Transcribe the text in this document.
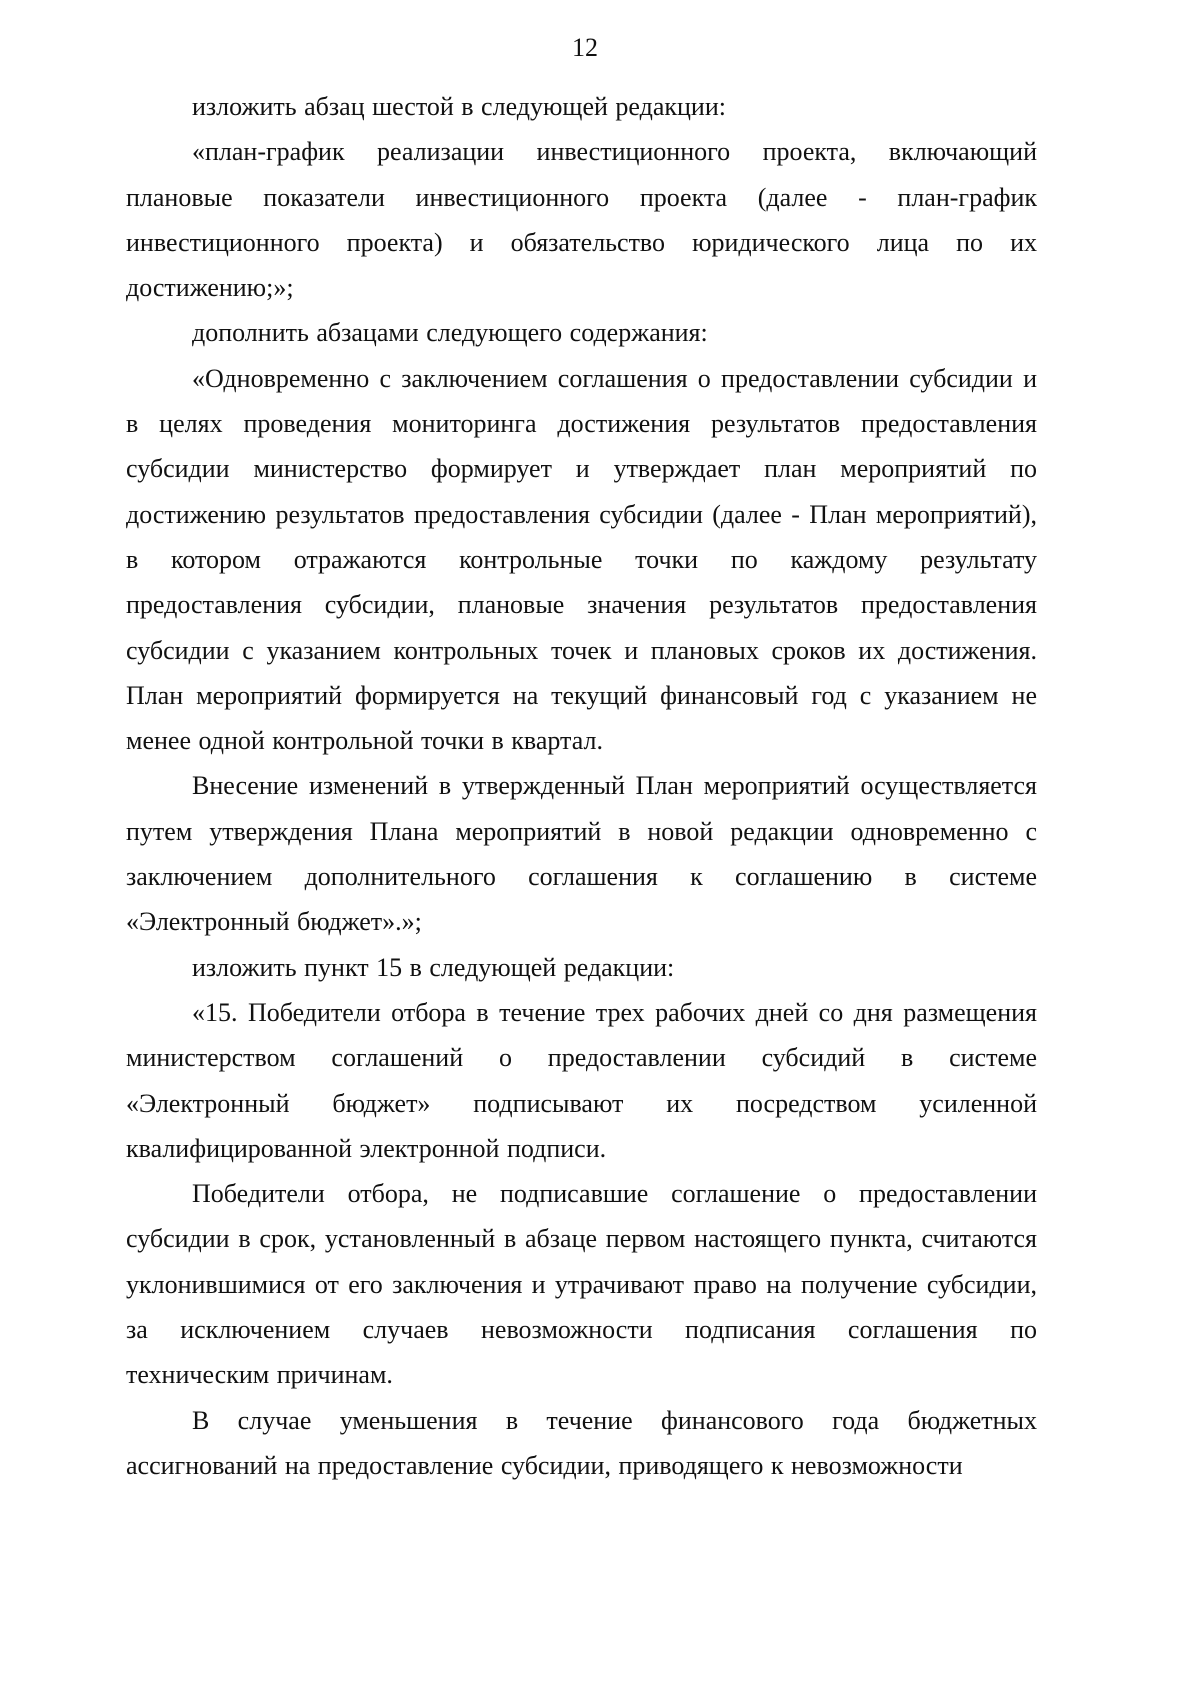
12

изложить абзац шестой в следующей редакции:

«план-график реализации инвестиционного проекта, включающий плановые показатели инвестиционного проекта (далее - план-график инвестиционного проекта) и обязательство юридического лица по их достижению;»;

дополнить абзацами следующего содержания:

«Одновременно с заключением соглашения о предоставлении субсидии и в целях проведения мониторинга достижения результатов предоставления субсидии министерство формирует и утверждает план мероприятий по достижению результатов предоставления субсидии (далее - План мероприятий), в котором отражаются контрольные точки по каждому результату предоставления субсидии, плановые значения результатов предоставления субсидии с указанием контрольных точек и плановых сроков их достижения. План мероприятий формируется на текущий финансовый год с указанием не менее одной контрольной точки в квартал.

Внесение изменений в утвержденный План мероприятий осуществляется путем утверждения Плана мероприятий в новой редакции одновременно с заключением дополнительного соглашения к соглашению в системе «Электронный бюджет».»;

изложить пункт 15 в следующей редакции:

«15. Победители отбора в течение трех рабочих дней со дня размещения министерством соглашений о предоставлении субсидий в системе «Электронный бюджет» подписывают их посредством усиленной квалифицированной электронной подписи.

Победители отбора, не подписавшие соглашение о предоставлении субсидии в срок, установленный в абзаце первом настоящего пункта, считаются уклонившимися от его заключения и утрачивают право на получение субсидии, за исключением случаев невозможности подписания соглашения по техническим причинам.

В случае уменьшения в течение финансового года бюджетных ассигнований на предоставление субсидии, приводящего к невозможности
